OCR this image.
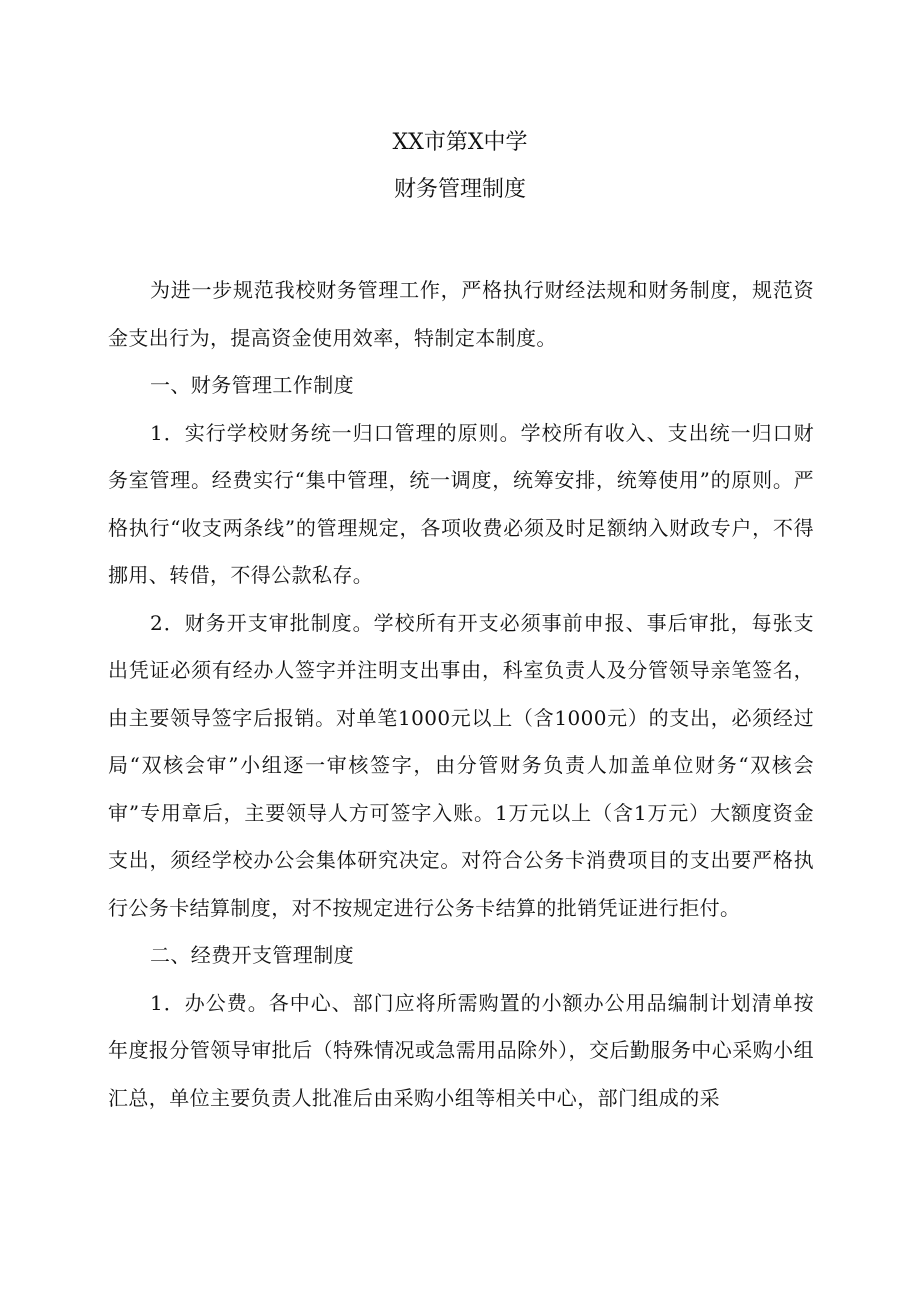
XX市第X中学
财务管理制度

为进一步规范我校财务管理工作，严格执行财经法规和财务制度，规范资金支出行为，提高资金使用效率，特制定本制度。

一、财务管理工作制度

1．实行学校财务统一归口管理的原则。学校所有收入、支出统一归口财务室管理。经费实行“集中管理，统一调度，统筹安排，统筹使用”的原则。严格执行“收支两条线”的管理规定，各项收费必须及时足额纳入财政专户，不得挪用、转借，不得公款私存。

2．财务开支审批制度。学校所有开支必须事前申报、事后审批，每张支出凭证必须有经办人签字并注明支出事由，科室负责人及分管领导亲笔签名，由主要领导签字后报销。对单笔1000元以上（含1000元）的支出，必须经过局“双核会审”小组逐一审核签字，由分管财务负责人加盖单位财务“双核会审”专用章后，主要领导人方可签字入账。1万元以上（含1万元）大额度资金支出，须经学校办公会集体研究决定。对符合公务卡消费项目的支出要严格执行公务卡结算制度，对不按规定进行公务卡结算的批销凭证进行拒付。

二、经费开支管理制度

1．办公费。各中心、部门应将所需购置的小额办公用品编制计划清单按年度报分管领导审批后（特殊情况或急需用品除外），交后勤服务中心采购小组汇总，单位主要负责人批准后由采购小组等相关中心，部门组成的采
